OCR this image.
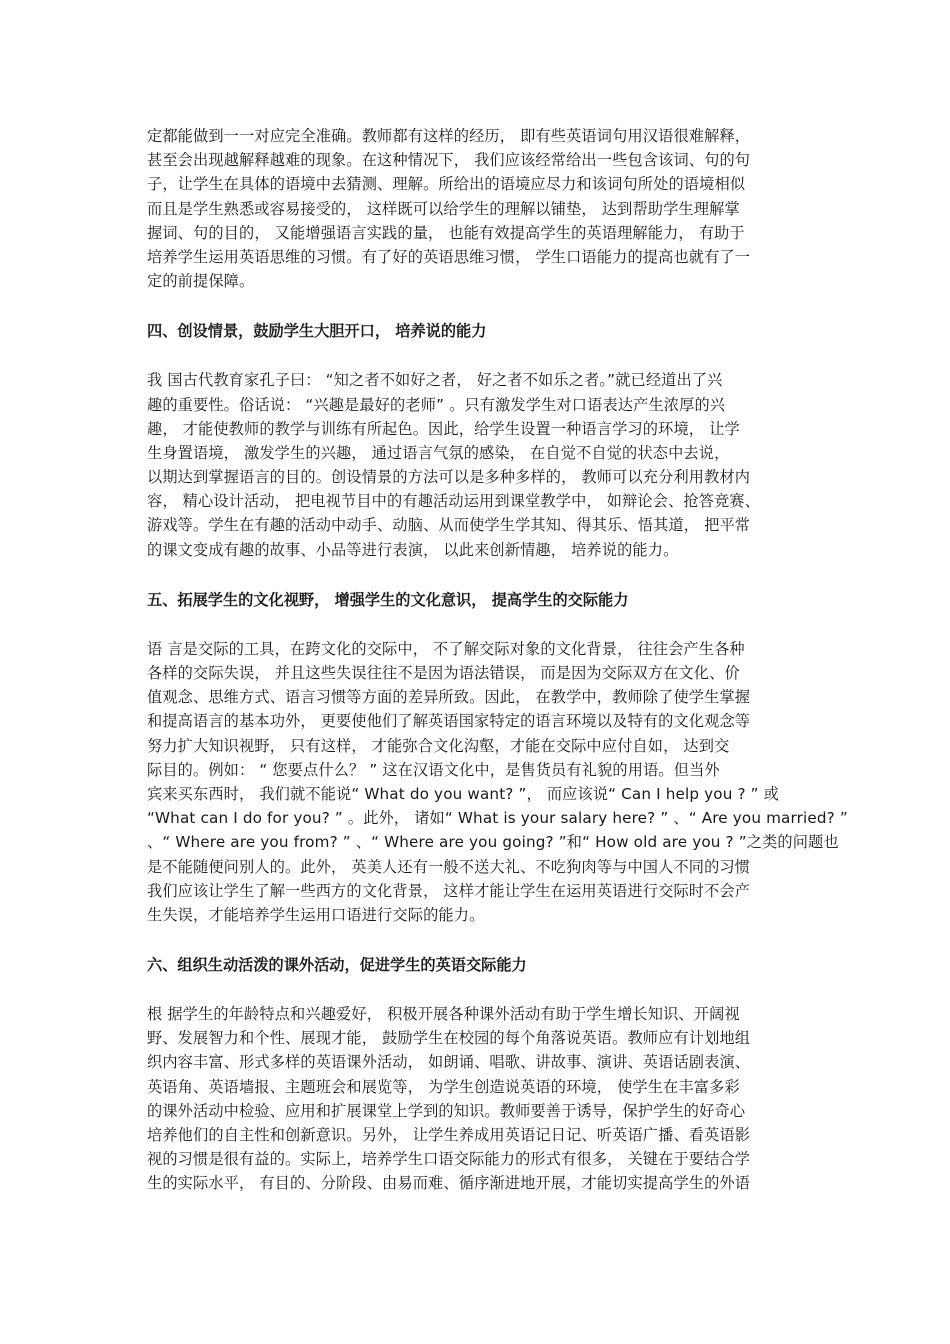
定都能做到一一对应完全准确。教师都有这样的经历， 即有些英语词句用汉语很难解释，
甚至会出现越解释越难的现象。在这种情况下， 我们应该经常给出一些包含该词、句的句
子，让学生在具体的语境中去猜测、理解。所给出的语境应尽力和该词句所处的语境相似
而且是学生熟悉或容易接受的， 这样既可以给学生的理解以铺垫， 达到帮助学生理解掌
握词、句的目的， 又能增强语言实践的量， 也能有效提高学生的英语理解能力， 有助于
培养学生运用英语思维的习惯。有了好的英语思维习惯， 学生口语能力的提高也就有了一
定的前提保障。
四、创设情景，鼓励学生大胆开口， 培养说的能力
我 国古代教育家孔子曰： “知之者不如好之者， 好之者不如乐之者。”就已经道出了兴
趣的重要性。俗话说： “兴趣是最好的老师” 。只有激发学生对口语表达产生浓厚的兴
趣， 才能使教师的教学与训练有所起色。因此，给学生设置一种语言学习的环境， 让学
生身置语境， 激发学生的兴趣， 通过语言气氛的感染， 在自觉不自觉的状态中去说，
以期达到掌握语言的目的。创设情景的方法可以是多种多样的， 教师可以充分利用教材内
容， 精心设计活动， 把电视节目中的有趣活动运用到课堂教学中， 如辩论会、抢答竞赛、
游戏等。学生在有趣的活动中动手、动脑、从而使学生学其知、得其乐、悟其道， 把平常
的课文变成有趣的故事、小品等进行表演， 以此来创新情趣， 培养说的能力。
五、拓展学生的文化视野， 增强学生的文化意识， 提高学生的交际能力
语 言是交际的工具，在跨文化的交际中， 不了解交际对象的文化背景， 往往会产生各种
各样的交际失误， 并且这些失误往往不是因为语法错误， 而是因为交际双方在文化、价
值观念、思维方式、语言习惯等方面的差异所致。因此， 在教学中，教师除了使学生掌握
和提高语言的基本功外， 更要使他们了解英语国家特定的语言环境以及特有的文化观念等
努力扩大知识视野， 只有这样， 才能弥合文化沟壑，才能在交际中应付自如， 达到交
际目的。例如： “ 您要点什么？ ” 这在汉语文化中，是售货员有礼貌的用语。但当外
宾来买东西时， 我们就不能说“ What do you want? ”， 而应该说“ Can I help you ? ” 或
“What can I do for you? ” 。此外， 诸如“ What is your salary here? ” 、“ Are you married? ”
、“ Where are you from? ” 、“ Where are you going? ”和“ How old are you ? ”之类的问题也
是不能随便问别人的。此外， 英美人还有一般不送大礼、不吃狗肉等与中国人不同的习惯
我们应该让学生了解一些西方的文化背景， 这样才能让学生在运用英语进行交际时不会产
生失误，才能培养学生运用口语进行交际的能力。
六、组织生动活泼的课外活动，促进学生的英语交际能力
根 据学生的年龄特点和兴趣爱好， 积极开展各种课外活动有助于学生增长知识、开阔视
野、发展智力和个性、展现才能， 鼓励学生在校园的每个角落说英语。教师应有计划地组
织内容丰富、形式多样的英语课外活动， 如朗诵、唱歌、讲故事、演讲、英语话剧表演、
英语角、英语墙报、主题班会和展览等， 为学生创造说英语的环境， 使学生在丰富多彩
的课外活动中检验、应用和扩展课堂上学到的知识。教师要善于诱导，保护学生的好奇心
培养他们的自主性和创新意识。另外， 让学生养成用英语记日记、听英语广播、看英语影
视的习惯是很有益的。实际上，培养学生口语交际能力的形式有很多， 关键在于要结合学
生的实际水平， 有目的、分阶段、由易而难、循序渐进地开展，才能切实提高学生的外语
